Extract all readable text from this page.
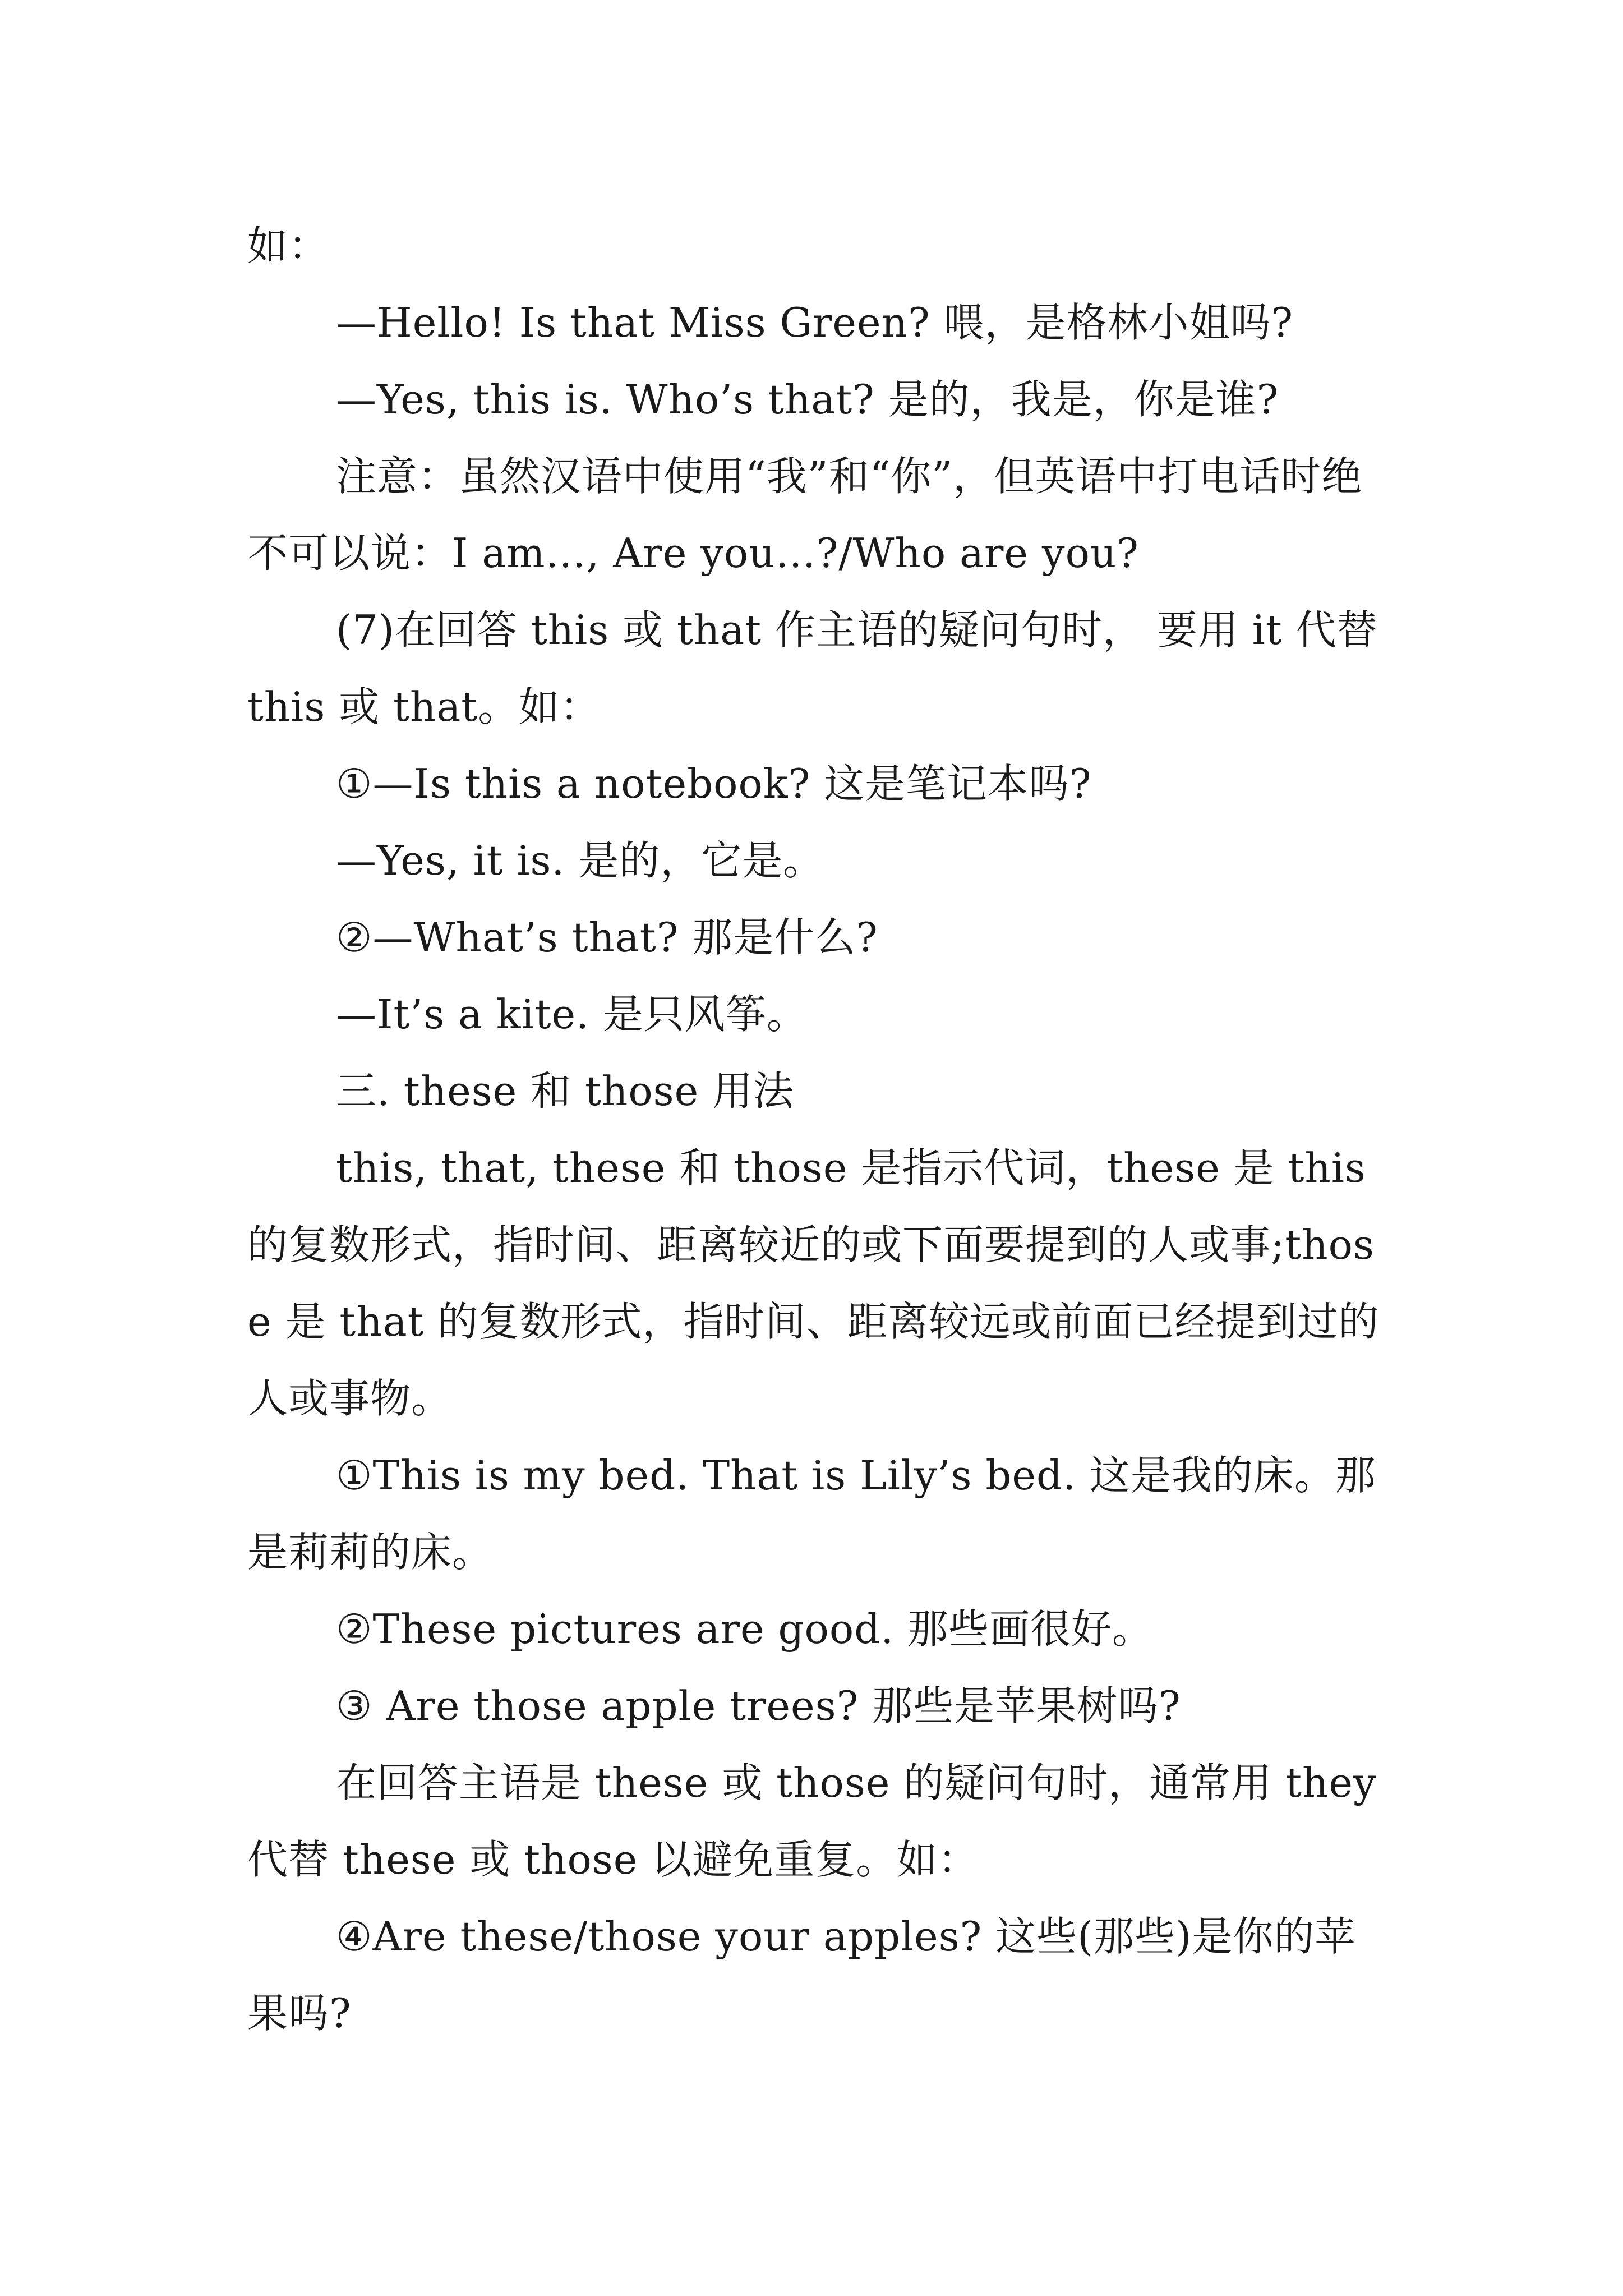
如：

—Hello! Is that Miss Green? 喂，是格林小姐吗?

—Yes, this is. Who’s that? 是的，我是，你是谁?

注意：虽然汉语中使用“我”和“你”，但英语中打电话时绝不可以说：I am…, Are you…?/Who are you?

(7)在回答 this 或 that 作主语的疑问句时， 要用 it 代替 this 或 that。如：

①—Is this a notebook? 这是笔记本吗?

—Yes, it is. 是的，它是。

②—What’s that? 那是什么?

—It’s a kite. 是只风筝。

三. these 和 those 用法

this, that, these 和 those 是指示代词，these 是 this 的复数形式，指时间、距离较近的或下面要提到的人或事;those 是 that 的复数形式，指时间、距离较远或前面已经提到过的人或事物。

①This is my bed. That is Lily’s bed. 这是我的床。那是莉莉的床。

②These pictures are good. 那些画很好。

③ Are those apple trees? 那些是苹果树吗?

在回答主语是 these 或 those 的疑问句时，通常用 they 代替 these 或 those 以避免重复。如：

④Are these/those your apples? 这些(那些)是你的苹果吗?
